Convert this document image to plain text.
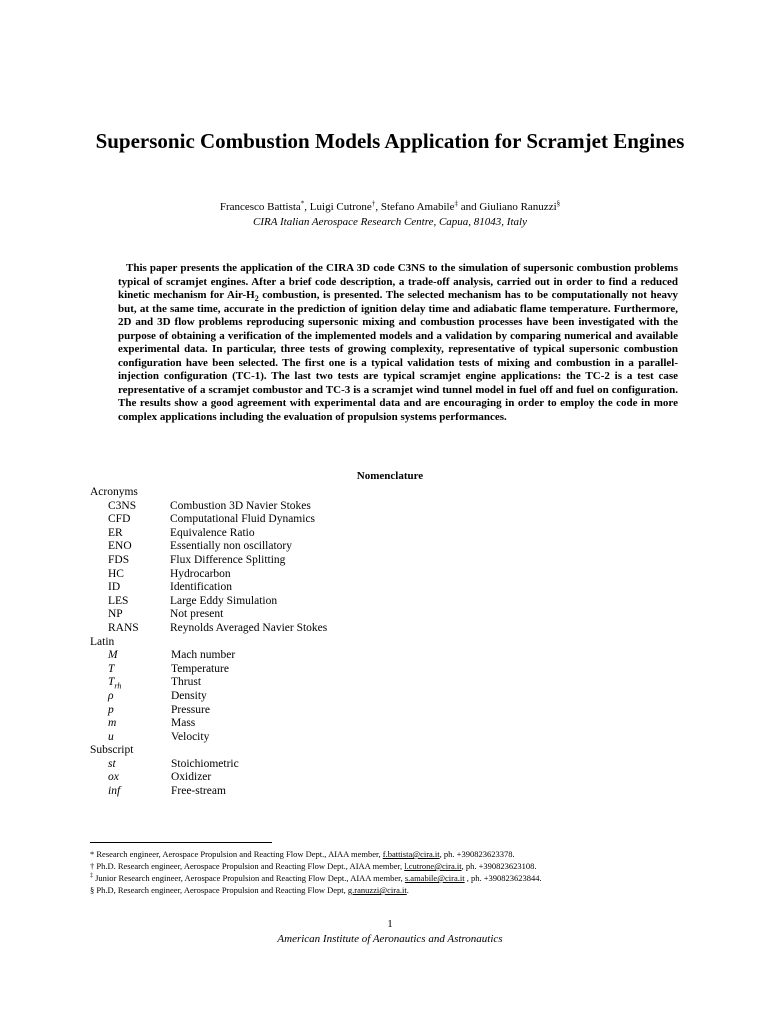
Supersonic Combustion Models Application for Scramjet Engines
Francesco Battista*, Luigi Cutrone†, Stefano Amabile‡ and Giuliano Ranuzzi§
CIRA Italian Aerospace Research Centre, Capua, 81043, Italy

This paper presents the application of the CIRA 3D code C3NS to the simulation of supersonic combustion problems typical of scramjet engines. After a brief code description, a trade-off analysis, carried out in order to find a reduced kinetic mechanism for Air-$H_2$ combustion, is presented. The selected mechanism has to be computationally not heavy but, at the same time, accurate in the prediction of ignition delay time and adiabatic flame temperature. Furthermore, 2D and 3D flow problems reproducing supersonic mixing and combustion processes have been investigated with the purpose of obtaining a verification of the implemented models and a validation by comparing numerical and available experimental data. In particular, three tests of growing complexity, representative of typical supersonic combustion configuration have been selected. The first one is a typical validation tests of mixing and combustion in a parallel-injection configuration (TC-1). The last two tests are typical scramjet engine applications: the TC-2 is a test case representative of a scramjet combustor and TC-3 is a scramjet wind tunnel model in fuel off and fuel on configuration. The results show a good agreement with experimental data and are encouraging in order to employ the code in more complex applications including the evaluation of propulsion systems performances.

Nomenclature
Acronyms
C3NS	Combustion 3D Navier Stokes
CFD	Computational Fluid Dynamics
ER	Equivalence Ratio
ENO	Essentially non oscillatory
FDS	Flux Difference Splitting
HC	Hydrocarbon
ID	Identification
LES	Large Eddy Simulation
NP	Not present
RANS	Reynolds Averaged Navier Stokes
Latin
M	Mach number
T	Temperature
$T_{rh}$	Thrust
ρ	Density
p	Pressure
m	Mass
u	Velocity
Subscript
st	Stoichiometric
ox	Oxidizer
inf	Free-stream
* Research engineer, Aerospace Propulsion and Reacting Flow Dept., AIAA member, f.battista@cira.it, ph. +390823623378.
† Ph.D. Research engineer, Aerospace Propulsion and Reacting Flow Dept., AIAA member, l.cutrone@cira.it, ph. +390823623108.
‡ Junior Research engineer, Aerospace Propulsion and Reacting Flow Dept., AIAA member, s.amabile@cira.it , ph. +390823623844.
§ Ph.D, Research engineer, Aerospace Propulsion and Reacting Flow Dept, g.ranuzzi@cira.it.
1
American Institute of Aeronautics and Astronautics
